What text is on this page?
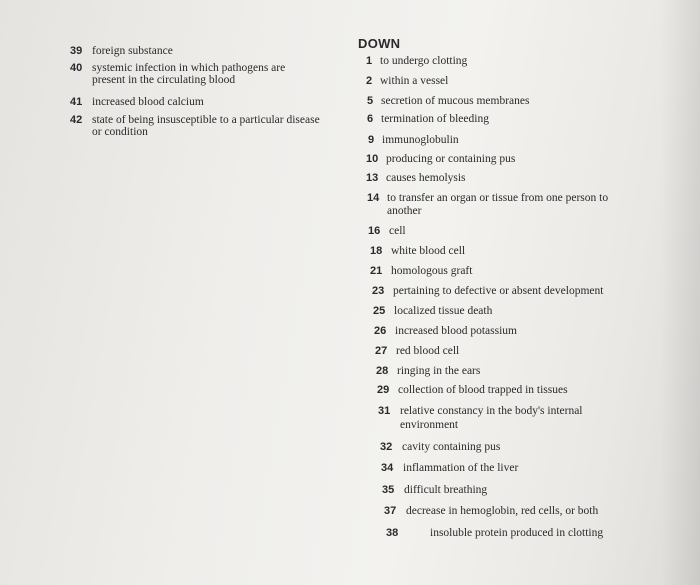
39 foreign substance
40 systemic infection in which pathogens are
present in the circulating blood
41 increased blood calcium
42 state of being insusceptible to a particular disease
or condition
DOWN
1 to undergo clotting
2 within a vessel
5 secretion of mucous membranes
6 termination of bleeding
9 immunoglobulin
10 producing or containing pus
13 causes hemolysis
14 to transfer an organ or tissue from one person to
another
16 cell
18 white blood cell
21 homologous graft
23 pertaining to defective or absent development
25 localized tissue death
26 increased blood potassium
27 red blood cell
28 ringing in the ears
29 collection of blood trapped in tissues
31 relative constancy in the body's internal
environment
32 cavity containing pus
34 inflammation of the liver
35 difficult breathing
37 decrease in hemoglobin, red cells, or both
38	insoluble protein produced in clotting
